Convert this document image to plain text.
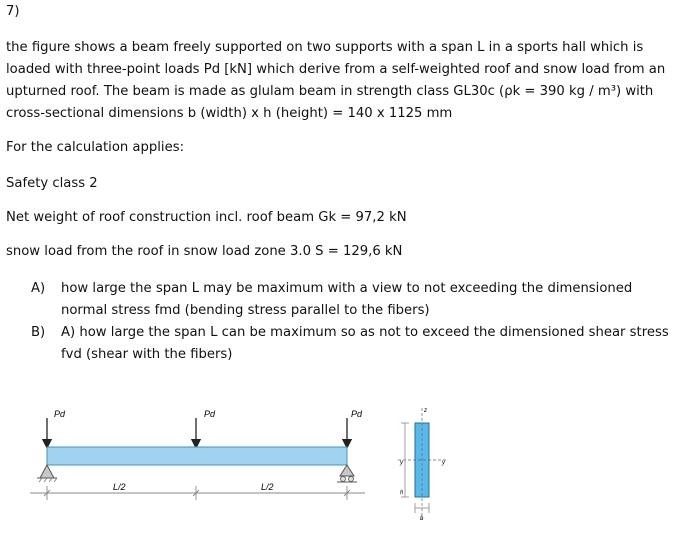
7)
the figure shows a beam freely supported on two supports with a span L in a sports hall which is
loaded with three-point loads Pd [kN] which derive from a self-weighted roof and snow load from an
upturned roof. The beam is made as glulam beam in strength class GL30c (ρk = 390 kg / m³) with
cross-sectional dimensions b (width) x h (height) = 140 x 1125 mm
For the calculation applies:
Safety class 2
Net weight of roof construction incl. roof beam Gk = 97,2 kN
snow load from the roof in snow load zone 3.0 S = 129,6 kN
A) how large the span L may be maximum with a view to not exceeding the dimensioned
normal stress fmd (bending stress parallel to the fibers)
B) A) how large the span L can be maximum so as not to exceed the dimensioned shear stress
fvd (shear with the fibers)
Pd	Pd	Pd
L/2	L/2
z
y	y
h
b
